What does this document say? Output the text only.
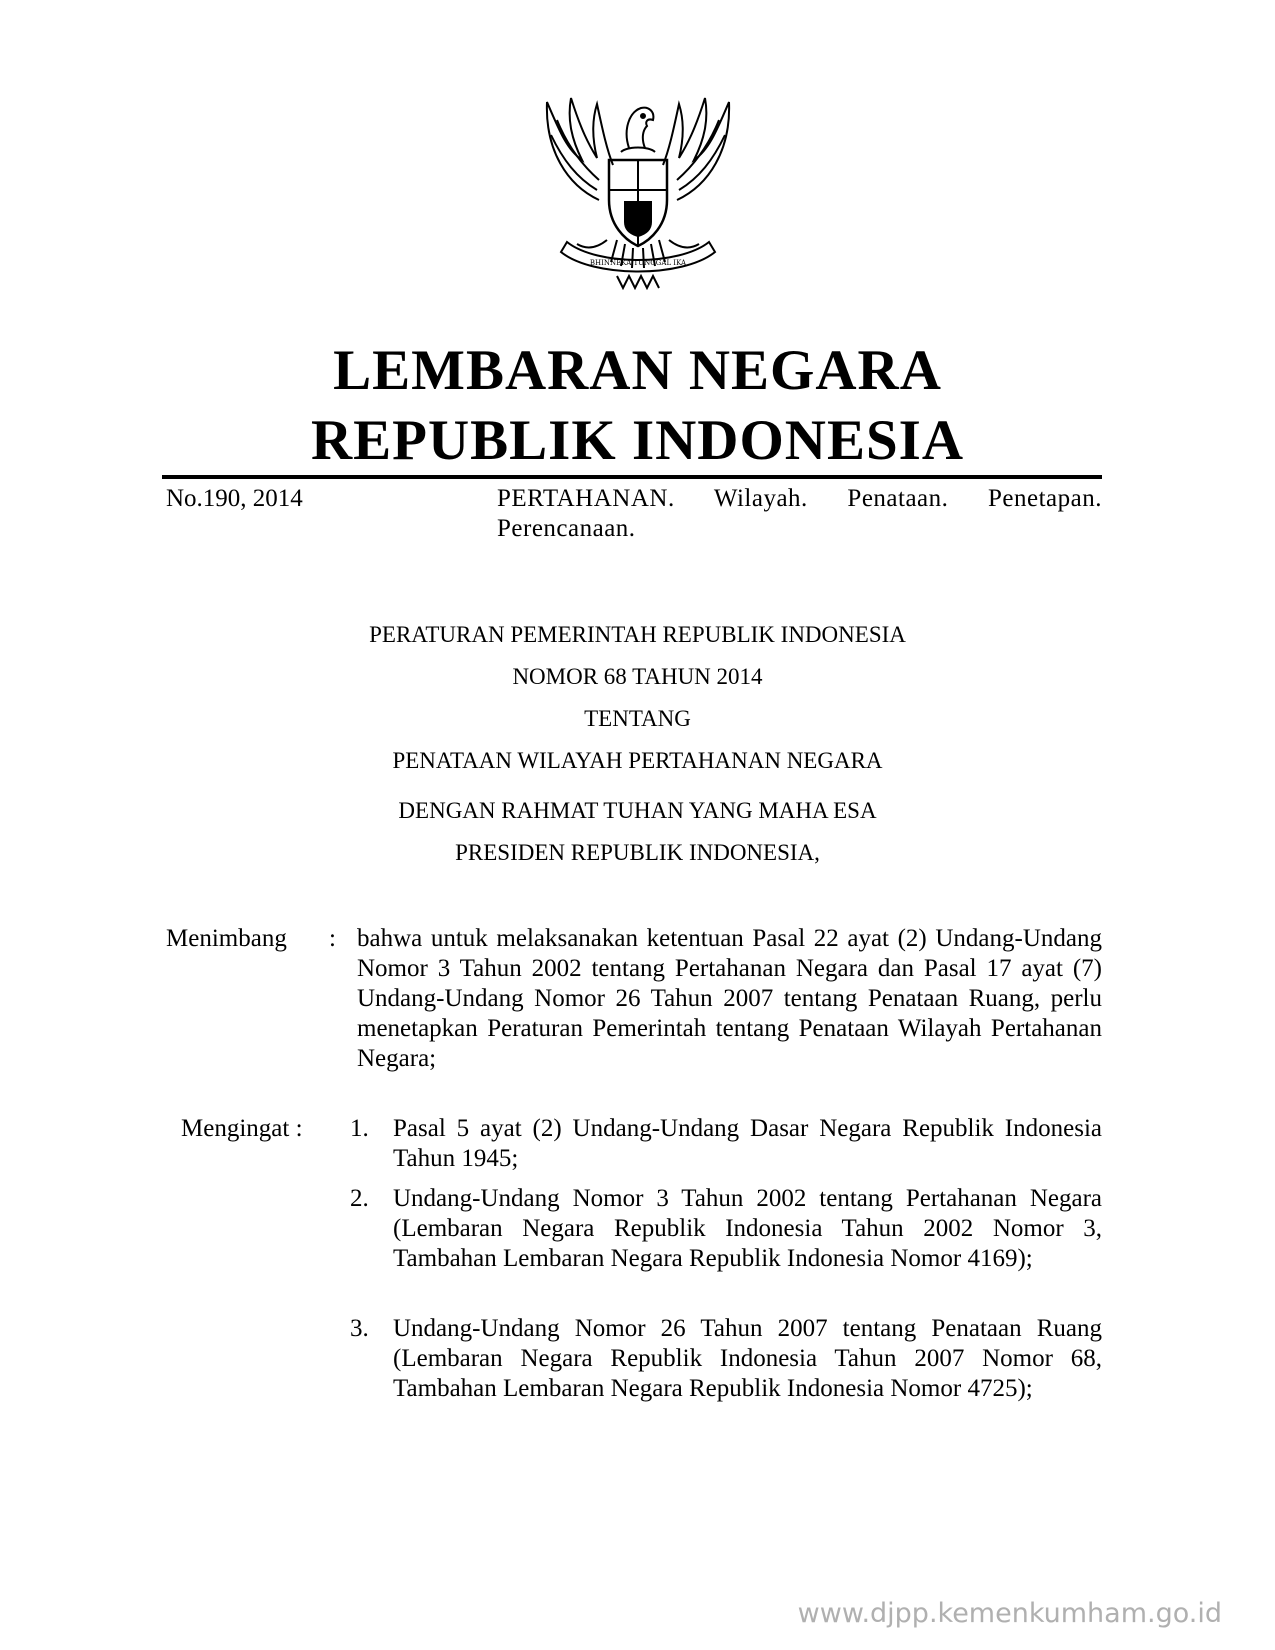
BHINNEKA TUNGGAL IKA
LEMBARAN NEGARA
REPUBLIK INDONESIA
No.190, 2014	PERTAHANAN. Wilayah. Penataan. Penetapan. Perencanaan.
PERATURAN PEMERINTAH REPUBLIK INDONESIA
NOMOR 68 TAHUN 2014
TENTANG
PENATAAN WILAYAH PERTAHANAN NEGARA
DENGAN RAHMAT TUHAN YANG MAHA ESA
PRESIDEN REPUBLIK INDONESIA,
Menimbang : bahwa untuk melaksanakan ketentuan Pasal 22 ayat (2) Undang-Undang Nomor 3 Tahun 2002 tentang Pertahanan Negara dan Pasal 17 ayat (7) Undang-Undang Nomor 26 Tahun 2007 tentang Penataan Ruang, perlu menetapkan Peraturan Pemerintah tentang Penataan Wilayah Pertahanan Negara;
Mengingat : 1. Pasal 5 ayat (2) Undang-Undang Dasar Negara Republik Indonesia Tahun 1945;
2. Undang-Undang Nomor 3 Tahun 2002 tentang Pertahanan Negara (Lembaran Negara Republik Indonesia Tahun 2002 Nomor 3, Tambahan Lembaran Negara Republik Indonesia Nomor 4169);
3. Undang-Undang Nomor 26 Tahun 2007 tentang Penataan Ruang (Lembaran Negara Republik Indonesia Tahun 2007 Nomor 68, Tambahan Lembaran Negara Republik Indonesia Nomor 4725);
www.djpp.kemenkumham.go.id
